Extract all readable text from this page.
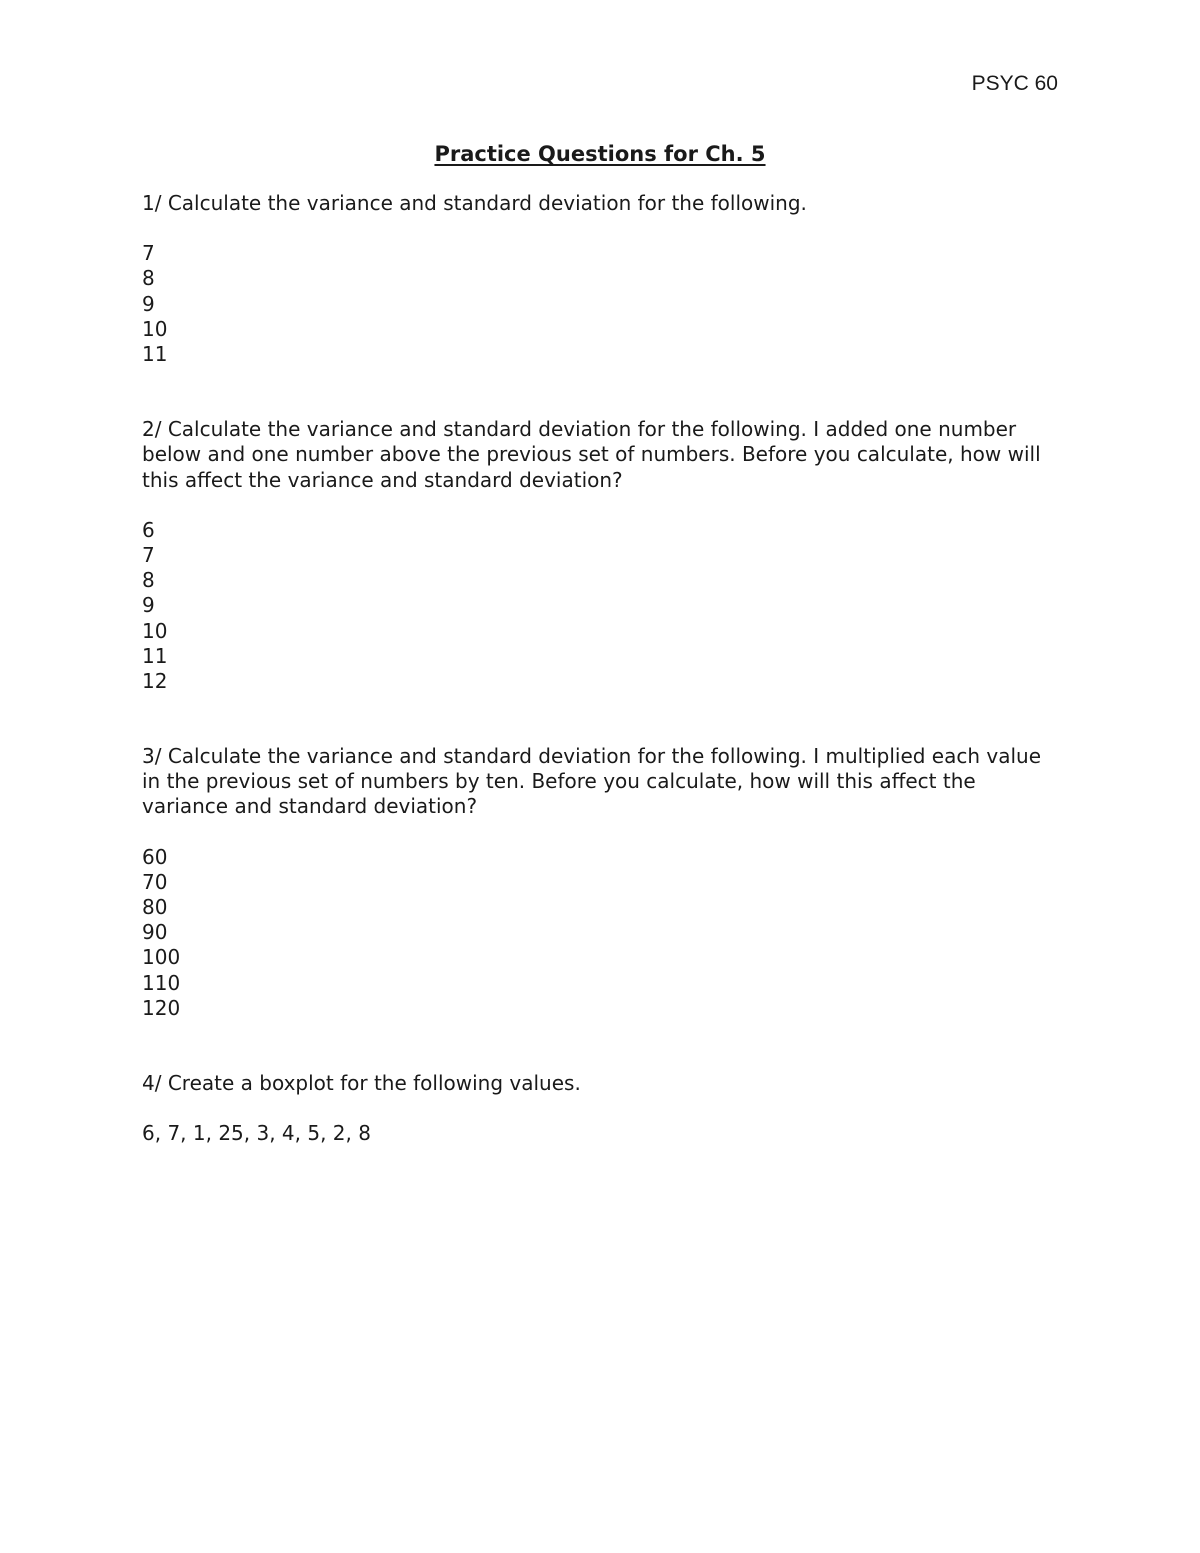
PSYC 60
Practice Questions for Ch. 5

1/ Calculate the variance and standard deviation for the following.

7
8
9
10
11

2/ Calculate the variance and standard deviation for the following. I added one number below and one number above the previous set of numbers. Before you calculate, how will this affect the variance and standard deviation?

6
7
8
9
10
11
12

3/ Calculate the variance and standard deviation for the following. I multiplied each value in the previous set of numbers by ten. Before you calculate, how will this affect the variance and standard deviation?

60
70
80
90
100
110
120

4/ Create a boxplot for the following values.

6, 7, 1, 25, 3, 4, 5, 2, 8
